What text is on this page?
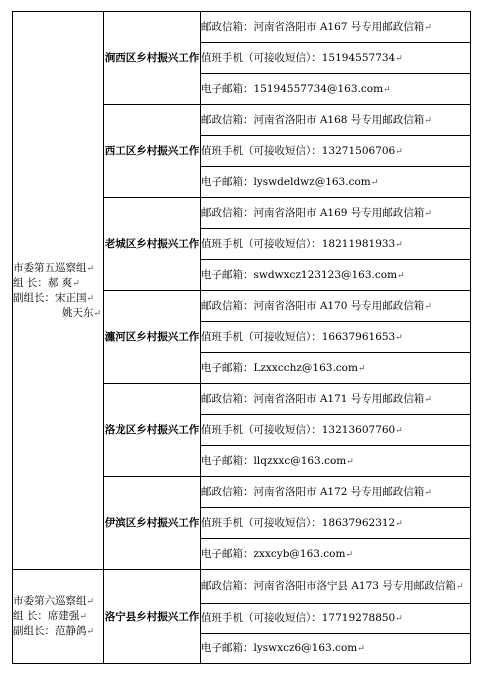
市委第五巡察组↵
组 长：郝 爽↵
副组长：宋正国↵
姚天东↵	涧西区乡村振兴工作	邮政信箱：河南省洛阳市 A167 号专用邮政信箱↵
		值班手机（可接收短信）：15194557734↵
		电子邮箱：15194557734@163.com↵
	西工区乡村振兴工作	邮政信箱：河南省洛阳市 A168 号专用邮政信箱↵
		值班手机（可接收短信）：13271506706↵
		电子邮箱：lyswdeldwz@163.com↵
	老城区乡村振兴工作	邮政信箱：河南省洛阳市 A169 号专用邮政信箱↵
		值班手机（可接收短信）：18211981933↵
		电子邮箱：swdwxcz123123@163.com↵
	瀍河区乡村振兴工作	邮政信箱：河南省洛阳市 A170 号专用邮政信箱↵
		值班手机（可接收短信）：16637961653↵
		电子邮箱：Lzxxcchz@163.com↵
	洛龙区乡村振兴工作	邮政信箱：河南省洛阳市 A171 号专用邮政信箱↵
		值班手机（可接收短信）：13213607760↵
		电子邮箱：llqzxxc@163.com↵
	伊滨区乡村振兴工作	邮政信箱：河南省洛阳市 A172 号专用邮政信箱↵
		值班手机（可接收短信）：18637962312↵
		电子邮箱：zxxcyb@163.com↵

市委第六巡察组↵
组 长：席建强↵
副组长：范静鸽↵	洛宁县乡村振兴工作	邮政信箱：河南省洛阳市洛宁县 A173 号专用邮政信箱↵
		值班手机（可接收短信）：17719278850↵
		电子邮箱：lyswxcz6@163.com↵
